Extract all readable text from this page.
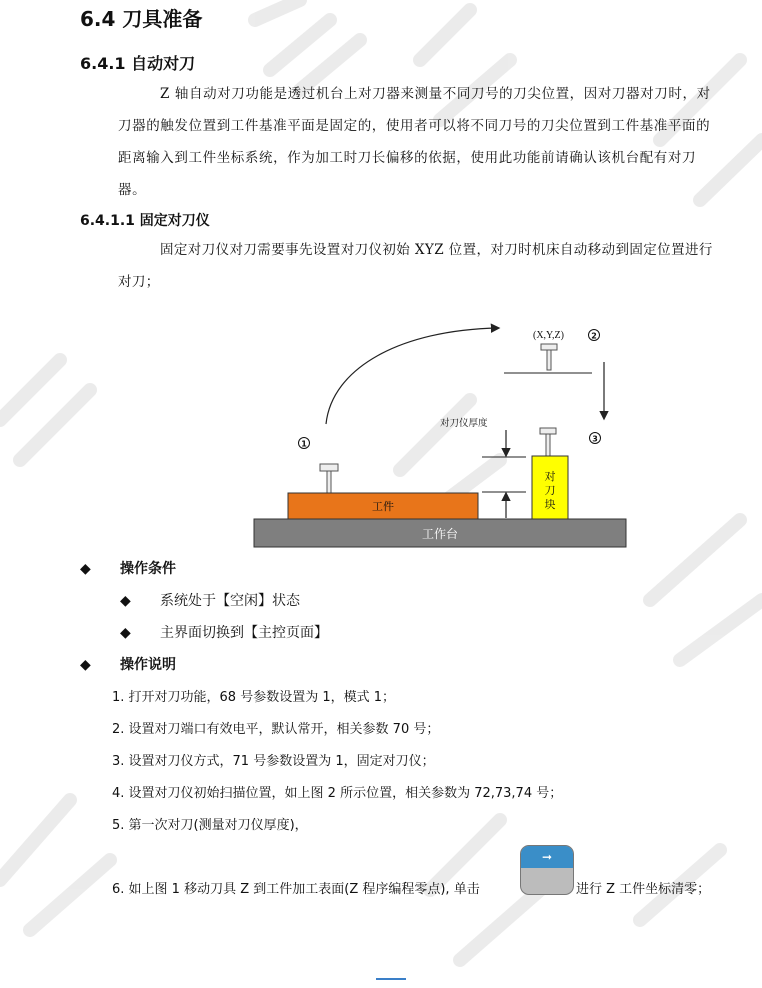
6.4 刀具准备
6.4.1 自动对刀
Z 轴自动对刀功能是透过机台上对刀器来测量不同刀号的刀尖位置，因对刀器对刀时，对刀器的触发位置到工件基准平面是固定的，使用者可以将不同刀号的刀尖位置到工件基准平面的距离输入到工件坐标系统，作为加工时刀长偏移的依据，使用此功能前请确认该机台配有对刀器。
6.4.1.1 固定对刀仪
固定对刀仪对刀需要事先设置对刀仪初始 XYZ 位置，对刀时机床自动移动到固定位置进行对刀；
(X,Y,Z)	2
1
3
对刀仪厚度
工件
对
刀
块
工作台
◆ 操作条件
◆ 系统处于【空闲】状态
◆ 主界面切换到【主控页面】
◆ 操作说明
1. 打开对刀功能，68 号参数设置为 1，模式 1；
2. 设置对刀端口有效电平，默认常开，相关参数 70 号；
3. 设置对刀仪方式，71 号参数设置为 1，固定对刀仪；
4. 设置对刀仪初始扫描位置，如上图 2 所示位置，相关参数为 72,73,74 号；
5. 第一次对刀(测量对刀仪厚度)，
6. 如上图 1 移动刀具 Z 到工件加工表面(Z 程序编程零点), 单击
➞
进行 Z 工件坐标清零；
